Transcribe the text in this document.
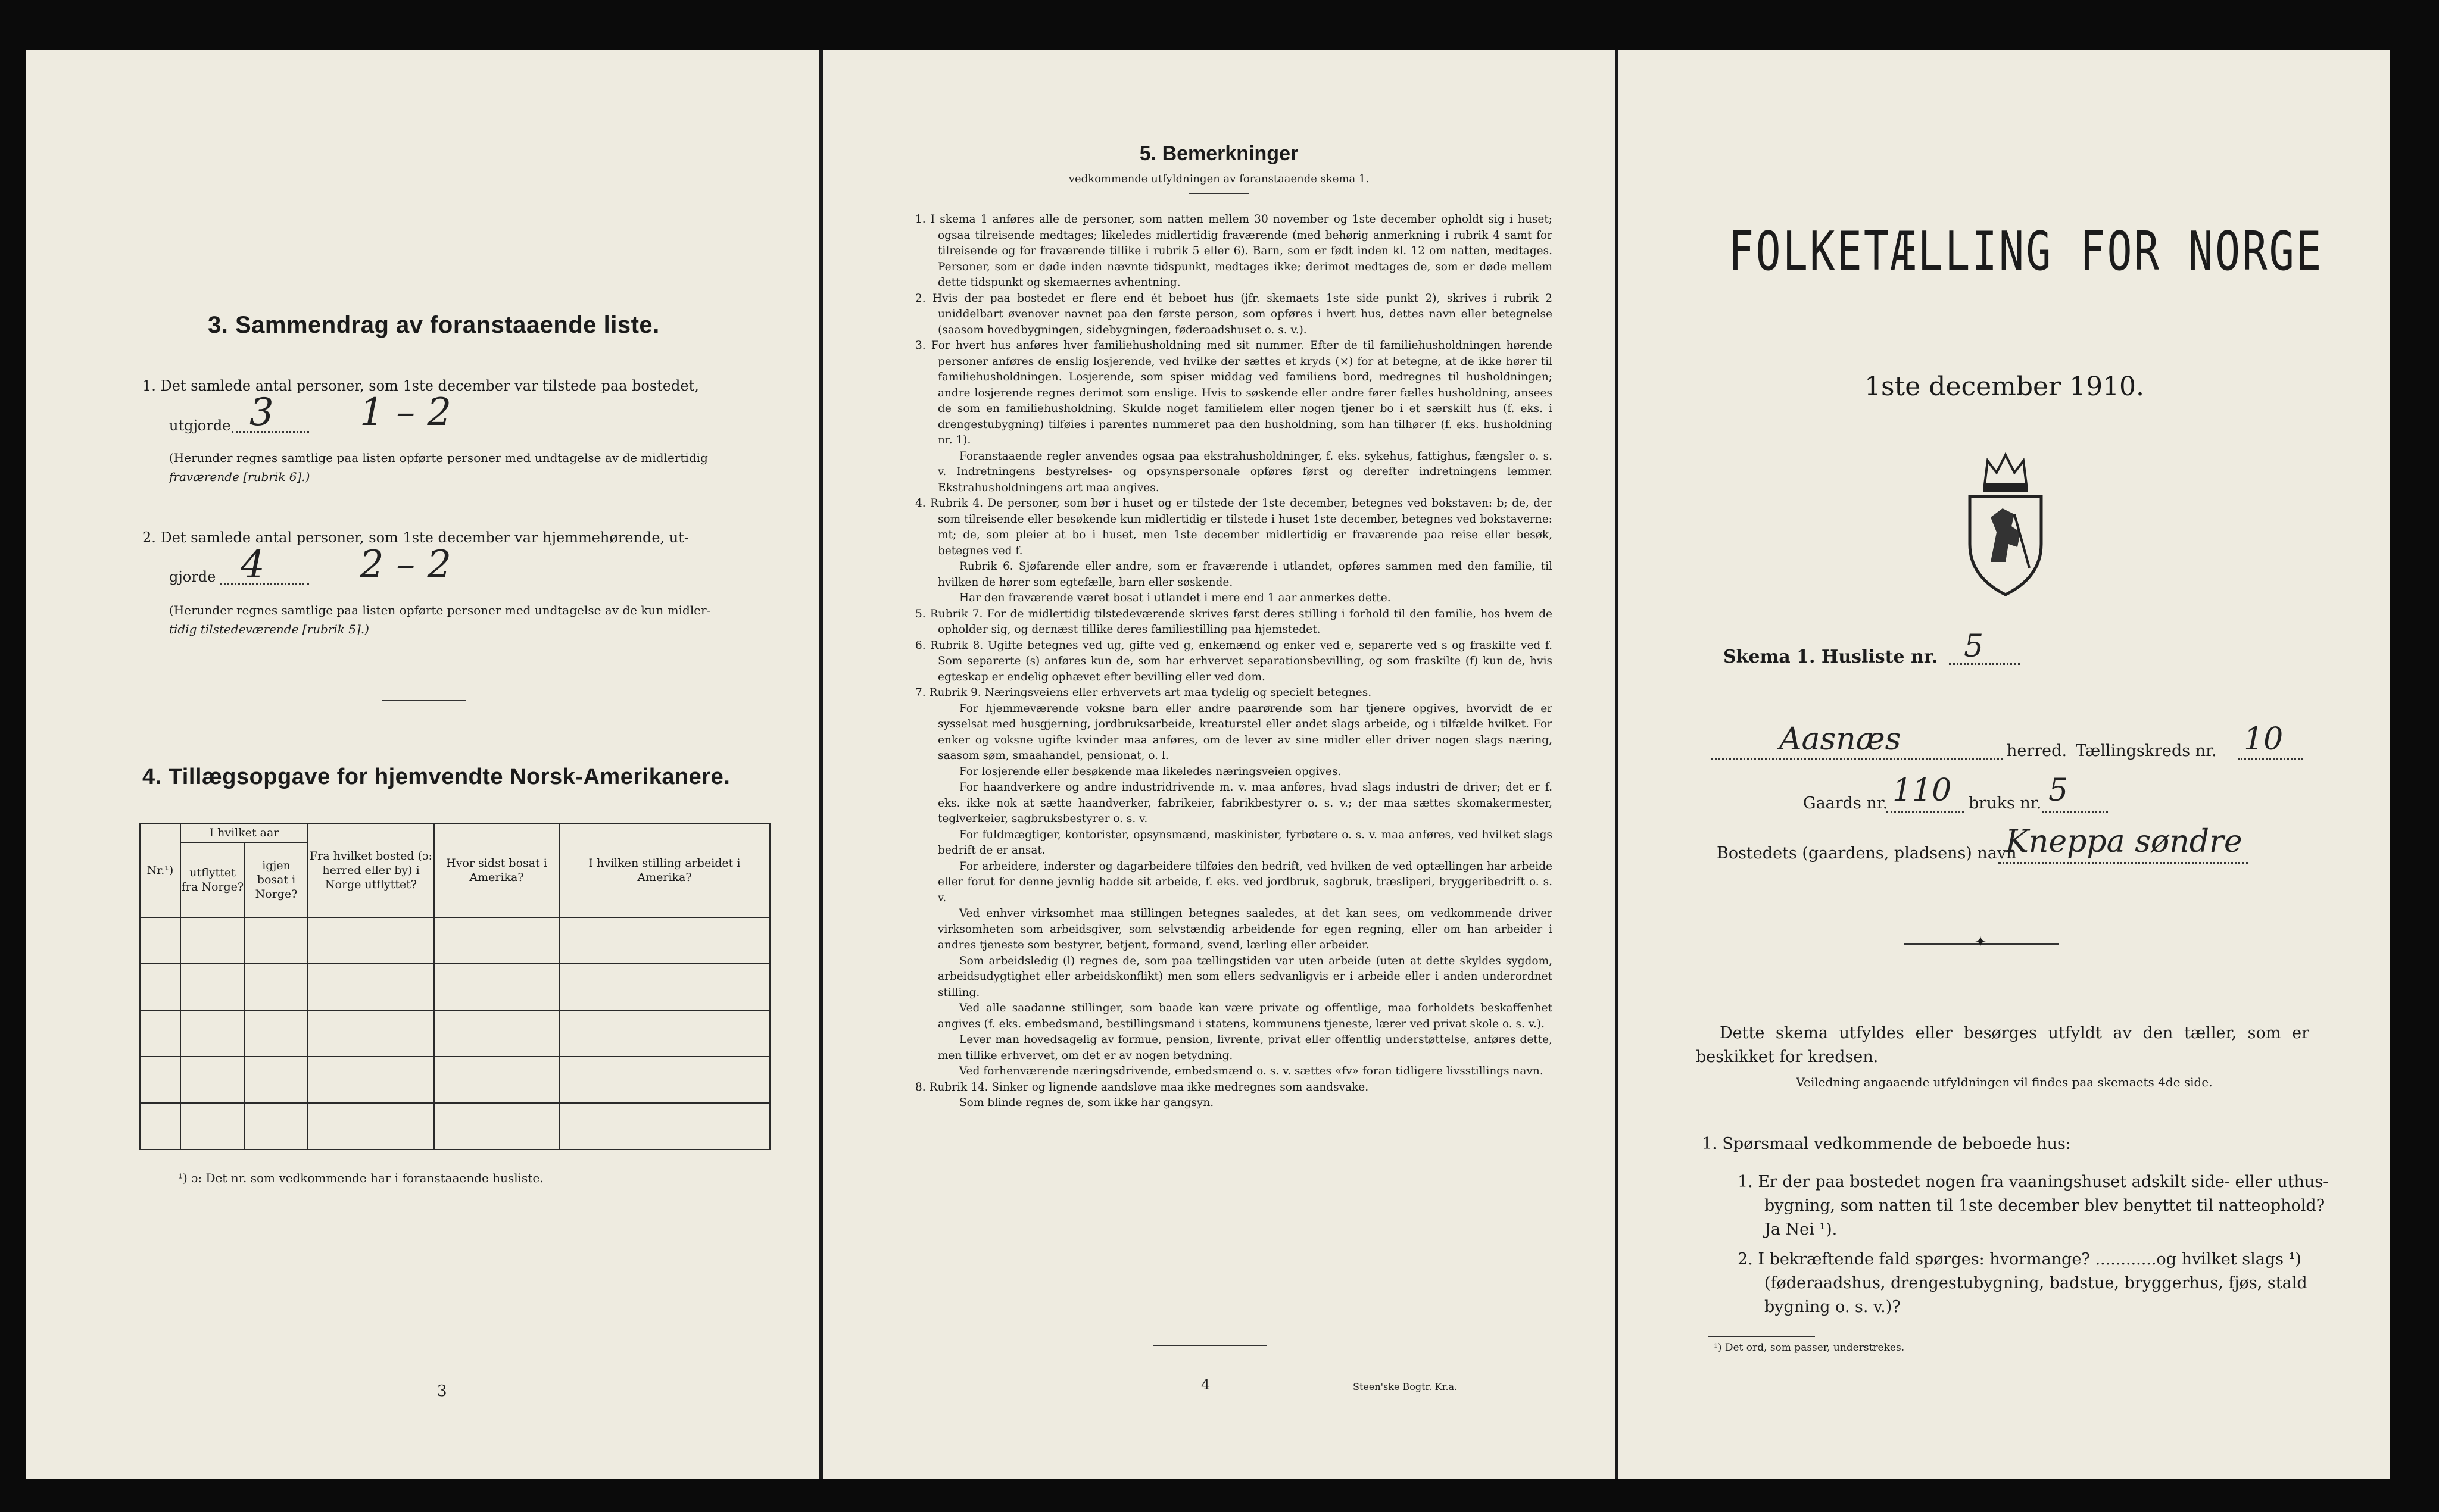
3. Sammendrag av foranstaaende liste.
1. Det samlede antal personer, som 1ste december var tilstede paa bostedet,
utgjorde 3 1 – 2
(Herunder regnes samtlige paa listen opførte personer med undtagelse av de midlertidig
fraværende [rubrik 6].)
2. Det samlede antal personer, som 1ste december var hjemmehørende, ut-
gjorde 4 2 – 2
(Herunder regnes samtlige paa listen opførte personer med undtagelse av de kun midler-
tidig tilstedeværende [rubrik 5].)
4. Tillægsopgave for hjemvendte Norsk-Amerikanere.
Nr.¹)	I hvilket aar		Fra hvilket bosted (ɔ: herred eller by) i Norge utflyttet?	Hvor sidst bosat i Amerika?	I hvilken stilling arbeidet i Amerika?
	utflyttet fra Norge?	igjen bosat i Norge?			

¹) ɔ: Det nr. som vedkommende har i foranstaaende husliste.
3
5. Bemerkninger
vedkommende utfyldningen av foranstaaende skema 1.

1. I skema 1 anføres alle de personer, som natten mellem 30 november og 1ste december opholdt sig i huset; ogsaa tilreisende medtages; likeledes midlertidig fraværende (med behørig anmerkning i rubrik 4 samt for tilreisende og for fraværende tillike i rubrik 5 eller 6). Barn, som er født inden kl. 12 om natten, medtages. Personer, som er døde inden nævnte tidspunkt, medtages ikke; derimot medtages de, som er døde mellem dette tidspunkt og skemaernes avhentning.

2. Hvis der paa bostedet er flere end ét beboet hus (jfr. skemaets 1ste side punkt 2), skrives i rubrik 2 uniddelbart øvenover navnet paa den første person, som opføres i hvert hus, dettes navn eller betegnelse (saasom hovedbygningen, sidebygningen, føderaadshuset o. s. v.).

3. For hvert hus anføres hver familiehusholdning med sit nummer. Efter de til familiehusholdningen hørende personer anføres de enslig losjerende, ved hvilke der sættes et kryds (×) for at betegne, at de ikke hører til familiehusholdningen. Losjerende, som spiser middag ved familiens bord, medregnes til husholdningen; andre losjerende regnes derimot som enslige. Hvis to søskende eller andre fører fælles husholdning, ansees de som en familiehusholdning. Skulde noget familielem eller nogen tjener bo i et særskilt hus (f. eks. i drengestubygning) tilføies i parentes nummeret paa den husholdning, som han tilhører (f. eks. husholdning nr. 1).

Foranstaaende regler anvendes ogsaa paa ekstrahusholdninger, f. eks. sykehus, fattighus, fængsler o. s. v. Indretningens bestyrelses- og opsynspersonale opføres først og derefter indretningens lemmer. Ekstrahusholdningens art maa angives.

4. Rubrik 4. De personer, som bør i huset og er tilstede der 1ste december, betegnes ved bokstaven: b; de, der som tilreisende eller besøkende kun midlertidig er tilstede i huset 1ste december, betegnes ved bokstaverne: mt; de, som pleier at bo i huset, men 1ste december midlertidig er fraværende paa reise eller besøk, betegnes ved f.

Rubrik 6. Sjøfarende eller andre, som er fraværende i utlandet, opføres sammen med den familie, til hvilken de hører som egtefælle, barn eller søskende.

Har den fraværende været bosat i utlandet i mere end 1 aar anmerkes dette.

5. Rubrik 7. For de midlertidig tilstedeværende skrives først deres stilling i forhold til den familie, hos hvem de opholder sig, og dernæst tillike deres familiestilling paa hjemstedet.

6. Rubrik 8. Ugifte betegnes ved ug, gifte ved g, enkemænd og enker ved e, separerte ved s og fraskilte ved f. Som separerte (s) anføres kun de, som har erhvervet separationsbevilling, og som fraskilte (f) kun de, hvis egteskap er endelig ophævet efter bevilling eller ved dom.

7. Rubrik 9. Næringsveiens eller erhvervets art maa tydelig og specielt betegnes.

For hjemmeværende voksne barn eller andre paarørende som har tjenere opgives, hvorvidt de er sysselsat med husgjerning, jordbruksarbeide, kreaturstel eller andet slags arbeide, og i tilfælde hvilket. For enker og voksne ugifte kvinder maa anføres, om de lever av sine midler eller driver nogen slags næring, saasom søm, smaahandel, pensionat, o. l.

For losjerende eller besøkende maa likeledes næringsveien opgives.

For haandverkere og andre industridrivende m. v. maa anføres, hvad slags industri de driver; det er f. eks. ikke nok at sætte haandverker, fabrikeier, fabrikbestyrer o. s. v.; der maa sættes skomakermester, teglverkeier, sagbruksbestyrer o. s. v.

For fuldmægtiger, kontorister, opsynsmænd, maskinister, fyrbøtere o. s. v. maa anføres, ved hvilket slags bedrift de er ansat.

For arbeidere, inderster og dagarbeidere tilføies den bedrift, ved hvilken de ved optællingen har arbeide eller forut for denne jevnlig hadde sit arbeide, f. eks. ved jordbruk, sagbruk, træsliperi, bryggeribedrift o. s. v.

Ved enhver virksomhet maa stillingen betegnes saaledes, at det kan sees, om vedkommende driver virksomheten som arbeidsgiver, som selvstændig arbeidende for egen regning, eller om han arbeider i andres tjeneste som bestyrer, betjent, formand, svend, lærling eller arbeider.

Som arbeidsledig (l) regnes de, som paa tællingstiden var uten arbeide (uten at dette skyldes sygdom, arbeidsudygtighet eller arbeidskonflikt) men som ellers sedvanligvis er i arbeide eller i anden underordnet stilling.

Ved alle saadanne stillinger, som baade kan være private og offentlige, maa forholdets beskaffenhet angives (f. eks. embedsmand, bestillingsmand i statens, kommunens tjeneste, lærer ved privat skole o. s. v.).

Lever man hovedsagelig av formue, pension, livrente, privat eller offentlig understøttelse, anføres dette, men tillike erhvervet, om det er av nogen betydning.

Ved forhenværende næringsdrivende, embedsmænd o. s. v. sættes «fv» foran tidligere livsstillings navn.

8. Rubrik 14. Sinker og lignende aandsløve maa ikke medregnes som aandsvake.

Som blinde regnes de, som ikke har gangsyn.

4	Steen'ske Bogtr. Kr.a.
FOLKETÆLLING FOR NORGE
1ste december 1910.
Skema 1. Husliste nr. 5
Aasnæs	herred. Tællingskreds nr. 10
Gaards nr. 110 bruks nr. 5
Bostedets (gaardens, pladsens) navn
Kneppa søndre
✦
Dette skema utfyldes eller besørges utfyldt av den tæller, som er beskikket for kredsen.
Veiledning angaaende utfyldningen vil findes paa skemaets 4de side.
1. Spørsmaal vedkommende de beboede hus:
1. Er der paa bostedet nogen fra vaaningshuset adskilt side- eller uthus-bygning, som natten til 1ste december blev benyttet til natteophold? Ja Nei ¹).
2. I bekræftende fald spørges: hvormange? ............og hvilket slags ¹) (føderaadshus, drengestubygning, badstue, bryggerhus, fjøs, stald bygning o. s. v.)?
¹) Det ord, som passer, understrekes.
